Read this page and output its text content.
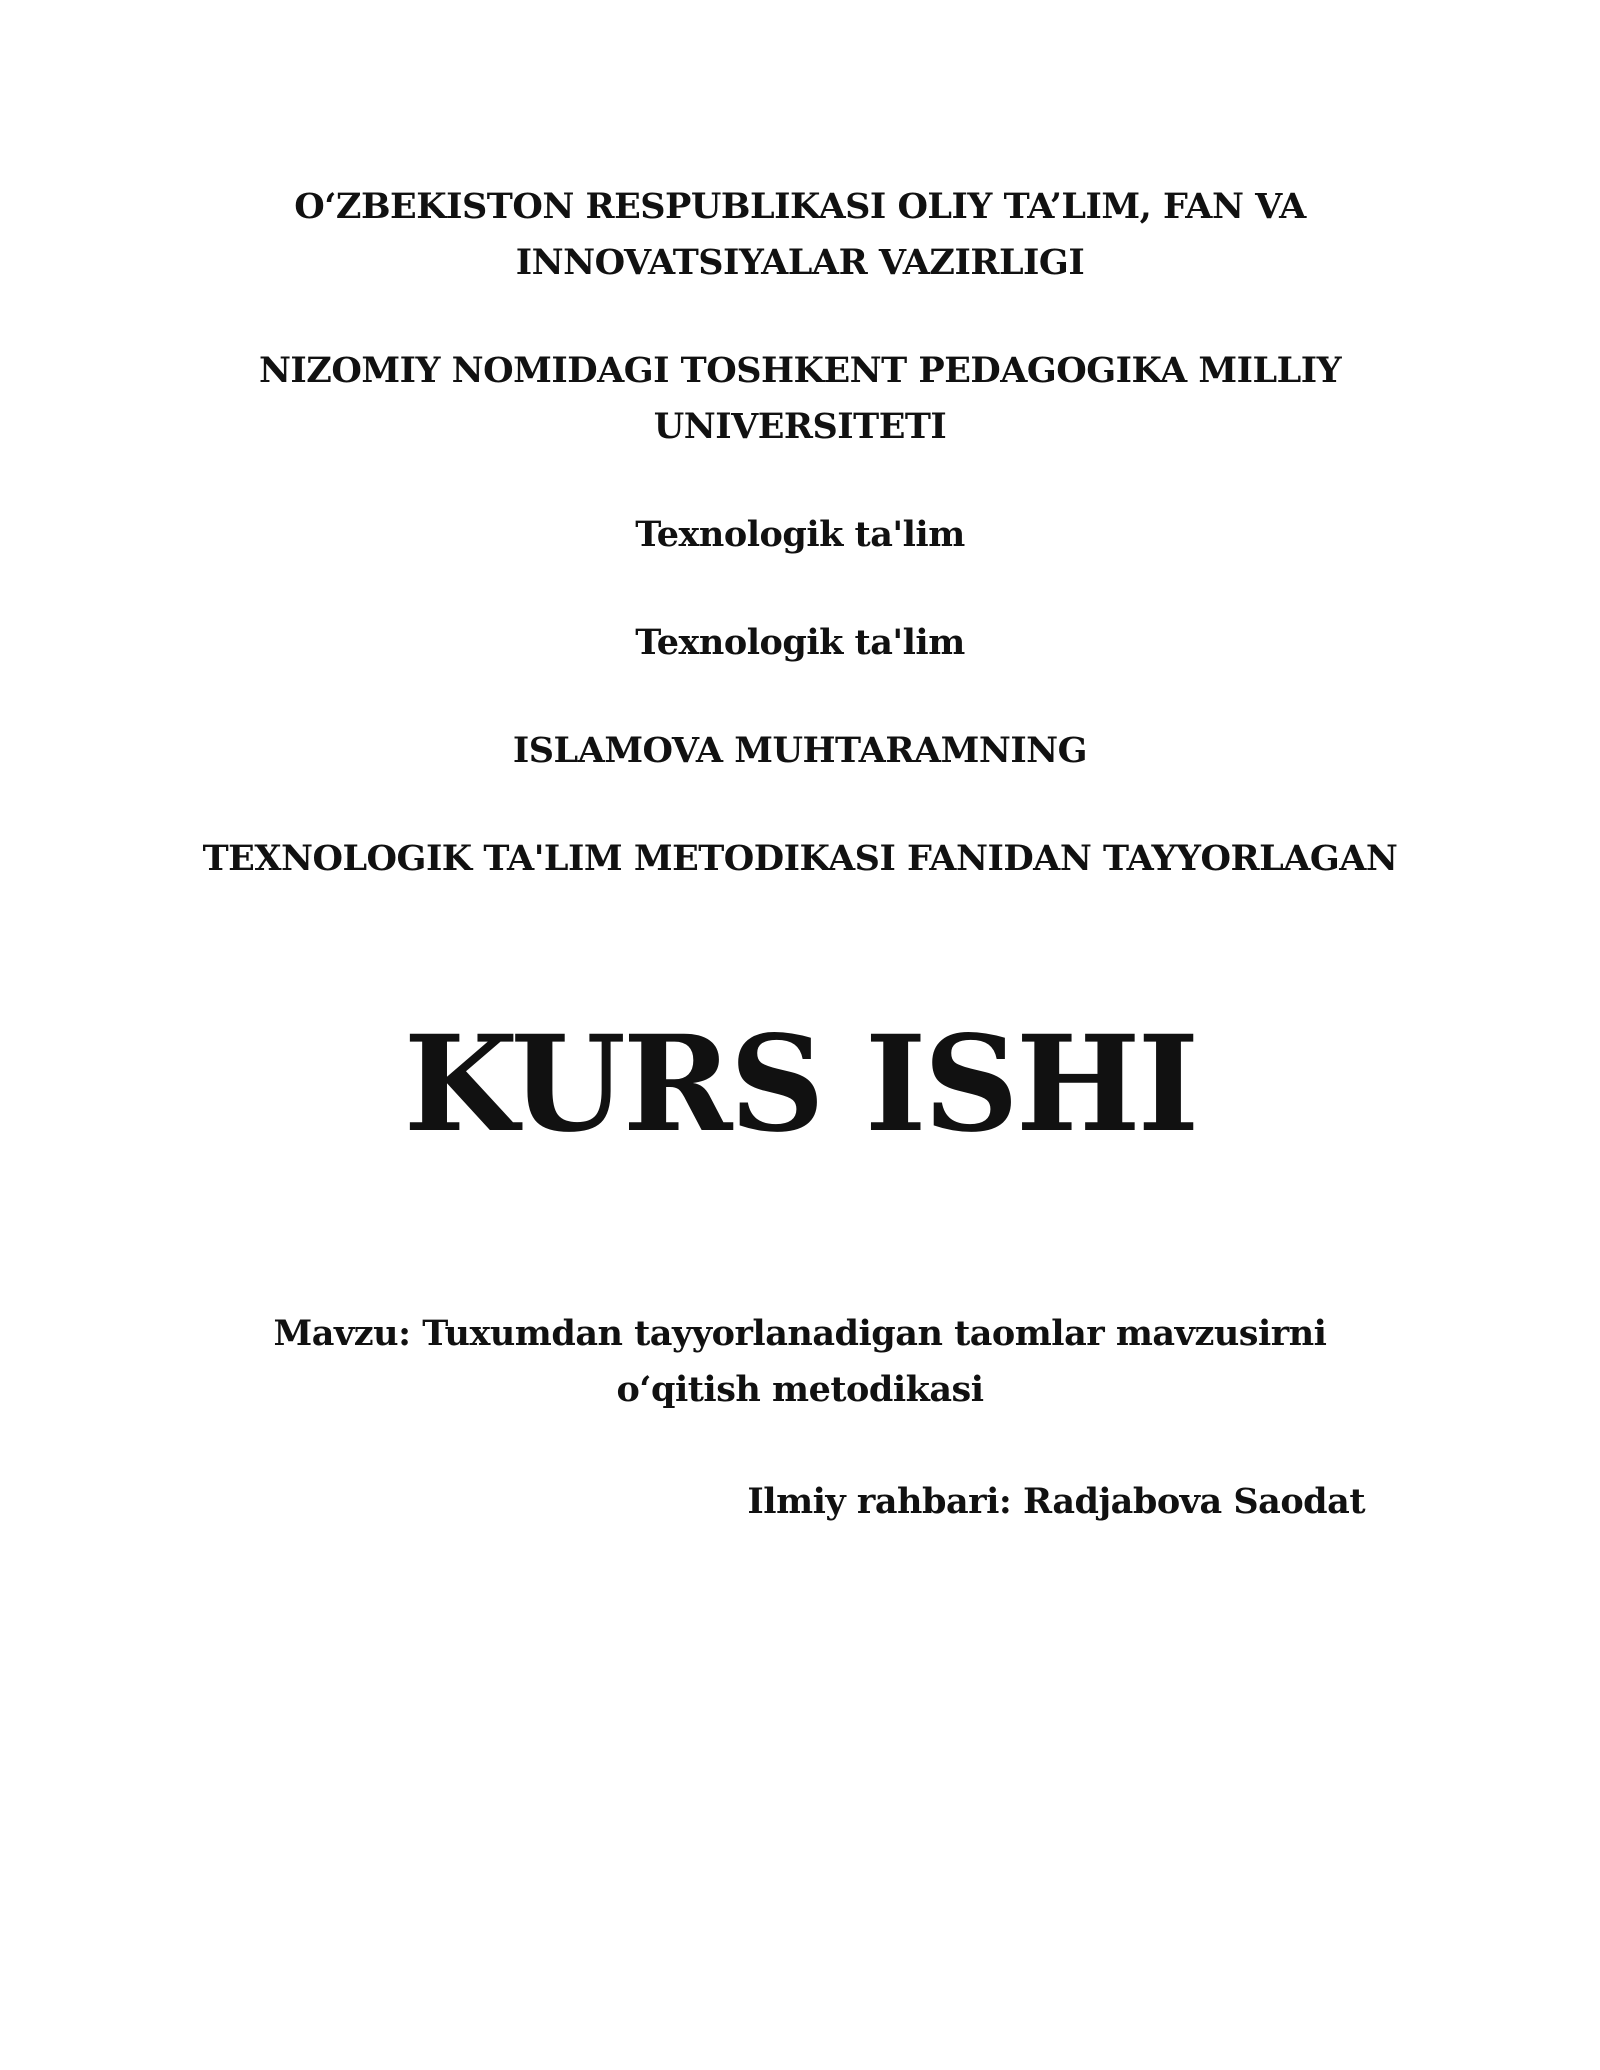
O‘ZBEKISTON RESPUBLIKASI OLIY TA’LIM, FAN VA
INNOVATSIYALAR VAZIRLIGI
NIZOMIY NOMIDAGI TOSHKENT PEDAGOGIKA MILLIY
UNIVERSITETI
Texnologik ta'lim
Texnologik ta'lim
ISLAMOVA MUHTARAMNING
TEXNOLOGIK TA'LIM METODIKASI FANIDAN TAYYORLAGAN
KURS ISHI
Mavzu: Tuxumdan tayyorlanadigan taomlar mavzusirni
o‘qitish metodikasi
Ilmiy rahbari: Radjabova Saodat
